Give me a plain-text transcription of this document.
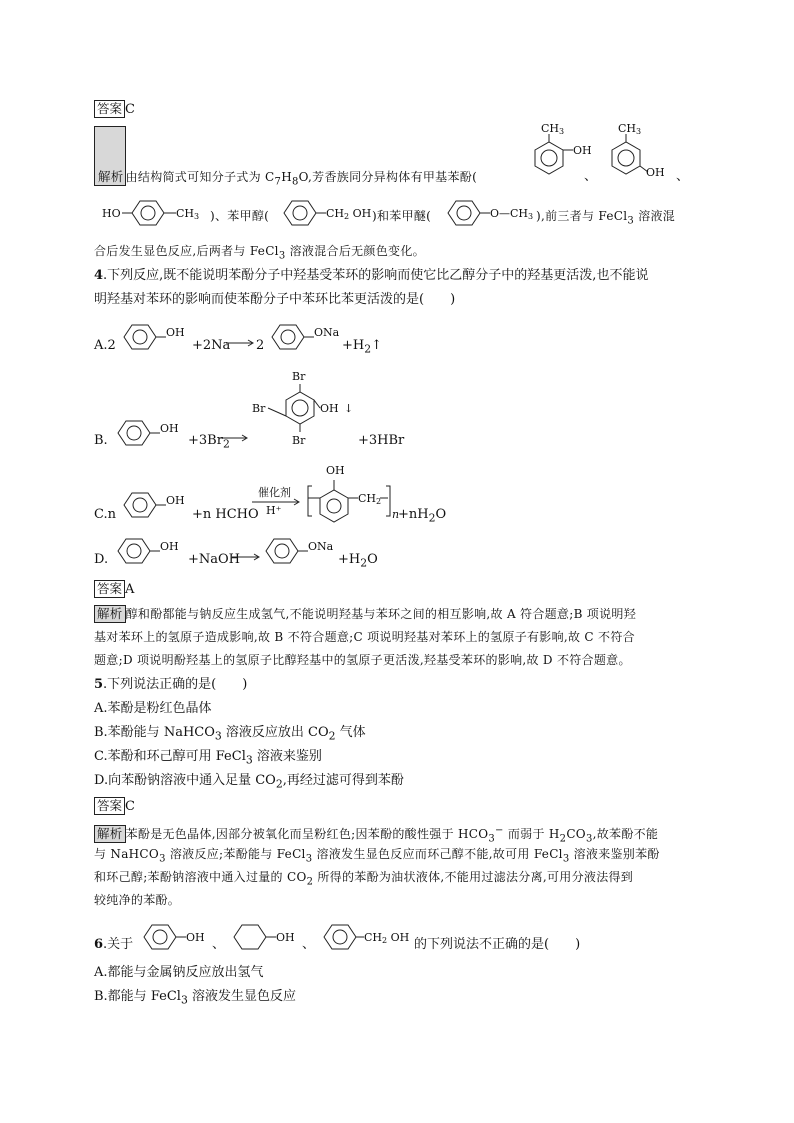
答案 C
解析 由结构简式可知分子式为 $C_7H_8O$,芳香族同分异构体有甲基苯酚(
CH3
OH
、
CH3
OH 、
HO	CH3 )、苯甲醇(	CH2 OH )和苯甲醚(	O—CH3 ),前三者与 FeCl$_3$ 溶液混
合后发生显色反应,后两者与 FeCl$_3$ 溶液混合后无颜色变化。
4.下列反应,既不能说明苯酚分子中羟基受苯环的影响而使它比乙醇分子中的羟基更活泼,也不能说
明羟基对苯环的影响而使苯酚分子中苯环比苯更活泼的是(　　)
A.2
OH
+2Na → 2
ONa
$+H_2↑$
B.
OH
$+3Br_2$
Br
Br	OH ↓
Br	+3HBr
C.n
OH
+n HCHO
催化剂
H⁺
OH
CH2
n
$+nH_2O$
D.
OH
+NaOH
ONa
$+H_2O$
答案 A
解析 醇和酚都能与钠反应生成氢气,不能说明羟基与苯环之间的相互影响,故 A 符合题意;B 项说明羟
基对苯环上的氢原子造成影响,故 B 不符合题意;C 项说明羟基对苯环上的氢原子有影响,故 C 不符合
题意;D 项说明酚羟基上的氢原子比醇羟基中的氢原子更活泼,羟基受苯环的影响,故 D 不符合题意。
5.下列说法正确的是(　　)
A.苯酚是粉红色晶体
B.苯酚能与 NaHCO$_3$ 溶液反应放出 $CO_2$ 气体
C.苯酚和环己醇可用 FeCl$_3$ 溶液来鉴别
D.向苯酚钠溶液中通入足量 $CO_2$,再经过滤可得到苯酚
答案 C
解析 苯酚是无色晶体,因部分被氧化而呈粉红色;因苯酚的酸性强于 $HCO_3^-$ 而弱于 $H_2CO_3$,故苯酚不能
与 NaHCO$_3$ 溶液反应;苯酚能与 FeCl$_3$ 溶液发生显色反应而环己醇不能,故可用 FeCl$_3$ 溶液来鉴别苯酚
和环己醇;苯酚钠溶液中通入过量的 $CO_2$ 所得的苯酚为油状液体,不能用过滤法分离,可用分液法得到
较纯净的苯酚。
6.关于	OH 、	OH 、	CH2 OH 的下列说法不正确的是(　　)
A.都能与金属钠反应放出氢气
B.都能与 FeCl$_3$ 溶液发生显色反应
